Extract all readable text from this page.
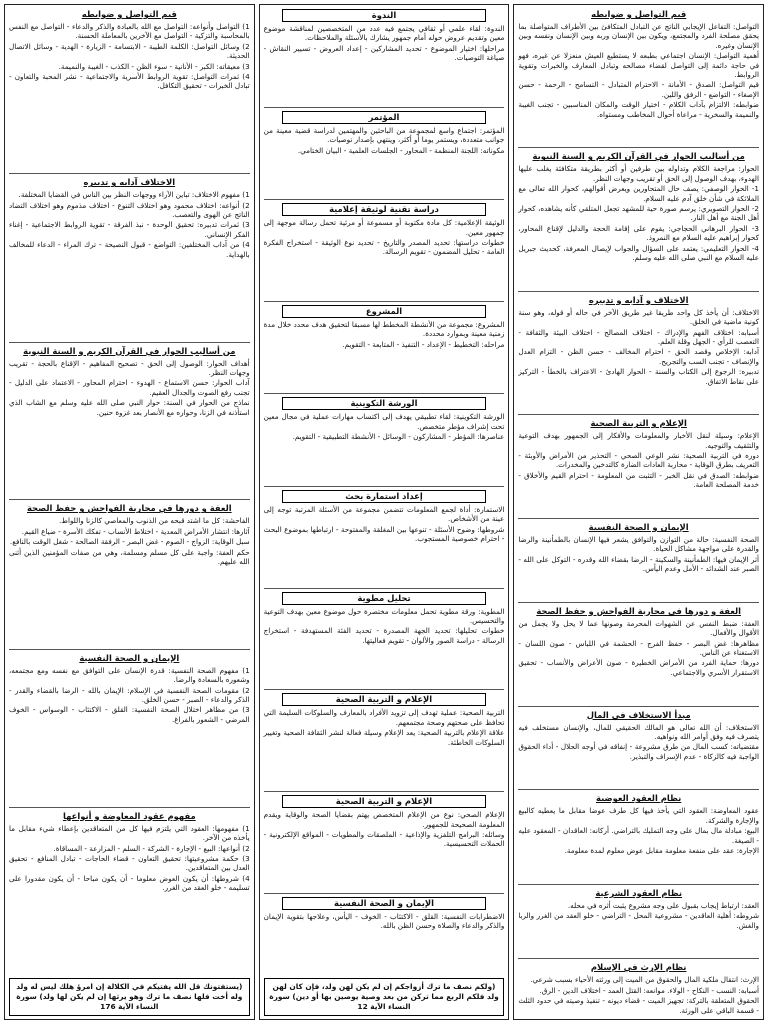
قيم التواصل و ضوابطه

التواصل: التفاعل الإيجابي الناتج عن التبادل المتكافئ بين الأطراف المتواصلة بما يحقق مصلحة الفرد والمجتمع، ويكون بين الإنسان وربه وبين الإنسان ونفسه وبين الإنسان وغيره.

أهمية التواصل: الإنسان اجتماعي بطبعه لا يستطيع العيش منعزلا عن غيره، فهو في حاجة دائمة إلى التواصل لقضاء مصالحه وتبادل المعارف والخبرات وتقوية الروابط.

قيم التواصل: الصدق - الأمانة - الاحترام المتبادل - التسامح - الرحمة - حسن الإصغاء - التواضع - الرفق واللين.

ضوابطه: الالتزام بآداب الكلام - اختيار الوقت والمكان المناسبين - تجنب الغيبة والنميمة والسخرية - مراعاة أحوال المخاطب ومستواه.

من أساليب الحوار في القرآن الكريم و السنة النبوية

الحوار: مراجعة الكلام وتداوله بين طرفين أو أكثر بطريقة متكافئة يغلب عليها الهدوء، بهدف الوصول إلى الحق أو تقريب وجهات النظر.

1- الحوار الوصفي: يصف حال المتحاورين ويعرض أقوالهم، كحوار الله تعالى مع الملائكة في شأن خلق آدم عليه السلام.

2- الحوار التصويري: يرسم صورة حية للمشهد تجعل المتلقي كأنه يشاهده، كحوار أهل الجنة مع أهل النار.

3- الحوار البرهاني الحجاجي: يقوم على إقامة الحجة والدليل لإقناع المحاور، كحوار إبراهيم عليه السلام مع النمروذ.

4- الحوار التعليمي: يعتمد على السؤال والجواب لإيصال المعرفة، كحديث جبريل عليه السلام مع النبي صلى الله عليه وسلم.

الاختلاف و آدابه و تدبيره

الاختلاف: أن يأخذ كل واحد طريقا غير طريق الآخر في حاله أو قوله، وهو سنة كونية ماضية في الخلق.

أسبابه: اختلاف الفهم والإدراك - اختلاف المصالح - اختلاف البيئة والثقافة - التعصب للرأي - الجهل وقلة العلم.

آدابه: الإخلاص وقصد الحق - احترام المخالف - حسن الظن - التزام العدل والإنصاف - تجنب السب والتجريح.

تدبيره: الرجوع إلى الكتاب والسنة - الحوار الهادئ - الاعتراف بالخطأ - التركيز على نقاط الاتفاق.

الإعلام و التربية الصحية

الإعلام: وسيلة لنقل الأخبار والمعلومات والأفكار إلى الجمهور بهدف التوعية والتثقيف والتوجيه.

دوره في التربية الصحية: نشر الوعي الصحي - التحذير من الأمراض والأوبئة - التعريف بطرق الوقاية - محاربة العادات الضارة كالتدخين والمخدرات.

ضوابطه: الصدق في نقل الخبر - التثبت من المعلومة - احترام القيم والأخلاق - خدمة المصلحة العامة.

الإيمان و الصحة النفسية

الصحة النفسية: حالة من التوازن والتوافق يشعر فيها الإنسان بالطمأنينة والرضا والقدرة على مواجهة مشاكل الحياة.

أثر الإيمان فيها: الطمأنينة والسكينة - الرضا بقضاء الله وقدره - التوكل على الله - الصبر عند الشدائد - الأمل وعدم اليأس.

العفة و دورها في محاربة الفواحش و حفظ الصحة

العفة: ضبط النفس عن الشهوات المحرمة وصونها عما لا يحل ولا يجمل من الأقوال والأفعال.

مظاهرها: غض البصر - حفظ الفرج - الحشمة في اللباس - صون اللسان - الاستغناء عن الناس.

دورها: حماية الفرد من الأمراض الخطيرة - صون الأعراض والأنساب - تحقيق الاستقرار الأسري والاجتماعي.

مبدأ الاستخلاف في المال

الاستخلاف: أن الله تعالى هو المالك الحقيقي للمال، والإنسان مستخلف فيه يتصرف فيه وفق أوامر الله ونواهيه.

مقتضياته: كسب المال من طرق مشروعة - إنفاقه في أوجه الحلال - أداء الحقوق الواجبة فيه كالزكاة - عدم الإسراف والتبذير.

نظام العقود العوضية

عقود المعاوضة: العقود التي يأخذ فيها كل طرف عوضا مقابل ما يعطيه كالبيع والإجارة والشركة.

البيع: مبادلة مال بمال على وجه التمليك بالتراضي. أركانه: العاقدان - المعقود عليه - الصيغة.

الإجارة: عقد على منفعة معلومة مقابل عوض معلوم لمدة معلومة.

نظام العقود الشرعية

العقد: ارتباط إيجاب بقبول على وجه مشروع يثبت أثره في محله.

شروطه: أهلية العاقدين - مشروعية المحل - التراضي - خلو العقد من الغرر والربا والغش.

نظام الإرث في الإسلام

الإرث: انتقال ملكية المال والحقوق من الميت إلى ورثته الأحياء بسبب شرعي.

أسبابه: النسب - النكاح - الولاء. موانعه: القتل العمد - اختلاف الدين - الرق.

الحقوق المتعلقة بالتركة: تجهيز الميت - قضاء ديونه - تنفيذ وصيته في حدود الثلث - قسمة الباقي على الورثة.

الندوة

الندوة: لقاء علمي أو ثقافي يجتمع فيه عدد من المتخصصين لمناقشة موضوع معين وتقديم عروض حوله أمام جمهور يشارك بالأسئلة والملاحظات.

مراحلها: اختيار الموضوع - تحديد المشاركين - إعداد العروض - تسيير النقاش - صياغة التوصيات.

المؤتمر

المؤتمر: اجتماع واسع لمجموعة من الباحثين والمهتمين لدراسة قضية معينة من جوانب متعددة، ويستمر يوما أو أكثر، وينتهي بإصدار توصيات.

مكوناته: اللجنة المنظمة - المحاور - الجلسات العلمية - البيان الختامي.

دراسة تقنية لوثيقة إعلامية

الوثيقة الإعلامية: كل مادة مكتوبة أو مسموعة أو مرئية تحمل رسالة موجهة إلى جمهور معين.

خطوات دراستها: تحديد المصدر والتاريخ - تحديد نوع الوثيقة - استخراج الفكرة العامة - تحليل المضمون - تقويم الرسالة.

المشروع

المشروع: مجموعة من الأنشطة المخطط لها مسبقا لتحقيق هدف محدد خلال مدة زمنية معينة وبموارد محددة.

مراحله: التخطيط - الإعداد - التنفيذ - المتابعة - التقويم.

الورشة التكوينية

الورشة التكوينية: لقاء تطبيقي يهدف إلى اكتساب مهارات عملية في مجال معين تحت إشراف مؤطر متخصص.

عناصرها: المؤطر - المشاركون - الوسائل - الأنشطة التطبيقية - التقويم.

إعداد استمارة بحث

الاستمارة: أداة لجمع المعلومات تتضمن مجموعة من الأسئلة المرتبة توجه إلى عينة من الأشخاص.

شروطها: وضوح الأسئلة - تنوعها بين المغلقة والمفتوحة - ارتباطها بموضوع البحث - احترام خصوصية المستجوب.

تحليل مطوية

المطوية: ورقة مطوية تحمل معلومات مختصرة حول موضوع معين بهدف التوعية والتحسيس.

خطوات تحليلها: تحديد الجهة المصدرة - تحديد الفئة المستهدفة - استخراج الرسالة - دراسة الصور والألوان - تقويم فعاليتها.

الإعلام و التربية الصحية

التربية الصحية: عملية تهدف إلى تزويد الأفراد بالمعارف والسلوكات السليمة التي تحافظ على صحتهم وصحة مجتمعهم.

علاقة الإعلام بالتربية الصحية: يعد الإعلام وسيلة فعالة لنشر الثقافة الصحية وتغيير السلوكات الخاطئة.

الإعلام و التربية الصحية

الإعلام الصحي: نوع من الإعلام المتخصص يهتم بقضايا الصحة والوقاية ويقدم المعلومة الصحيحة للجمهور.

وسائله: البرامج التلفزية والإذاعية - الملصقات والمطويات - المواقع الإلكترونية - الحملات التحسيسية.

الإيمان و الصحة النفسية

الاضطرابات النفسية: القلق - الاكتئاب - الخوف - اليأس، وعلاجها بتقوية الإيمان والذكر والدعاء والصلاة وحسن الظن بالله.

(ولكم نصف ما ترك أزواجكم إن لم يكن لهن ولد، فإن كان لهن ولد فلكم الربع مما تركن من بعد وصية يوصين بها أو دين) سورة النساء الآية 12
قيم التواصل و ضوابطه

1) التواصل وأنواعه: التواصل مع الله بالعبادة والذكر والدعاء - التواصل مع النفس بالمحاسبة والتزكية - التواصل مع الآخرين بالمعاملة الحسنة.

2) وسائل التواصل: الكلمة الطيبة - الابتسامة - الزيارة - الهدية - وسائل الاتصال الحديثة.

3) معيقاته: الكبر - الأنانية - سوء الظن - الكذب - الغيبة والنميمة.

4) ثمرات التواصل: تقوية الروابط الأسرية والاجتماعية - نشر المحبة والتعاون - تبادل الخبرات - تحقيق التكافل.

الاختلاف آدابه و تدبيره

1) مفهوم الاختلاف: تباين الآراء ووجهات النظر بين الناس في القضايا المختلفة.

2) أنواعه: اختلاف محمود وهو اختلاف التنوع - اختلاف مذموم وهو اختلاف التضاد الناتج عن الهوى والتعصب.

3) ثمرات تدبيره: تحقيق الوحدة - نبذ الفرقة - تقوية الروابط الاجتماعية - إغناء الفكر الإنساني.

4) من آداب المختلفين: التواضع - قبول النصيحة - ترك المراء - الدعاء للمخالف بالهداية.

من أساليب الحوار في القرآن الكريم و السنة النبوية

أهداف الحوار: الوصول إلى الحق - تصحيح المفاهيم - الإقناع بالحجة - تقريب وجهات النظر.

آداب الحوار: حسن الاستماع - الهدوء - احترام المحاور - الاعتماد على الدليل - تجنب رفع الصوت والجدال العقيم.

نماذج من الحوار في السنة: حوار النبي صلى الله عليه وسلم مع الشاب الذي استأذنه في الزنا، وحواره مع الأنصار بعد غزوة حنين.

العفة و دورها في محاربة الفواحش و حفظ الصحة

الفاحشة: كل ما اشتد قبحه من الذنوب والمعاصي كالزنا واللواط.

آثارها: انتشار الأمراض المعدية - اختلاط الأنساب - تفكك الأسرة - ضياع القيم.

سبل الوقاية: الزواج - الصوم - غض البصر - الرفقة الصالحة - شغل الوقت بالنافع.

حكم العفة: واجبة على كل مسلم ومسلمة، وهي من صفات المؤمنين الذين أثنى الله عليهم.

الإيمان و الصحة النفسية

1) مفهوم الصحة النفسية: قدرة الإنسان على التوافق مع نفسه ومع مجتمعه، وشعوره بالسعادة والرضا.

2) مقومات الصحة النفسية في الإسلام: الإيمان بالله - الرضا بالقضاء والقدر - الذكر والدعاء - الصبر - حسن الخلق.

3) من مظاهر اختلال الصحة النفسية: القلق - الاكتئاب - الوسواس - الخوف المرضي - الشعور بالفراغ.

مفهوم عقود المعاوضة و أنواعها

1) مفهومها: العقود التي يلتزم فيها كل من المتعاقدين بإعطاء شيء مقابل ما يأخذه من الآخر.

2) أنواعها: البيع - الإجارة - الشركة - السلم - المزارعة - المساقاة.

3) حكمة مشروعيتها: تحقيق التعاون - قضاء الحاجات - تبادل المنافع - تحقيق العدل بين المتعاقدين.

4) شروطها: أن يكون العوض معلوما - أن يكون مباحا - أن يكون مقدورا على تسليمه - خلو العقد من الغرر.

(يستفتونك قل الله يفتيكم في الكلالة إن امرؤ هلك ليس له ولد وله أخت فلها نصف ما ترك وهو يرثها إن لم يكن لها ولد) سورة النساء الآية 176
